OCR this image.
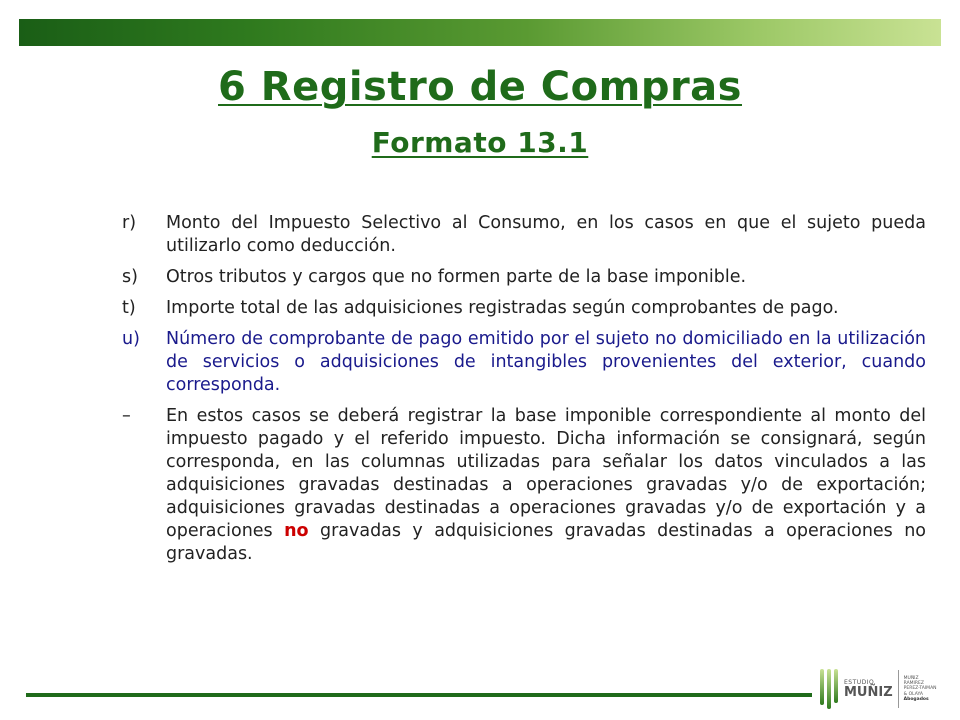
6 Registro de Compras
Formato 13.1
r)	Monto del Impuesto Selectivo al Consumo, en los casos en que el sujeto pueda utilizarlo como deducción.
s)	Otros tributos y cargos que no formen parte de la base imponible.
t)	Importe total de las adquisiciones registradas según comprobantes de pago.
u)	Número de comprobante de pago emitido por el sujeto no domiciliado en la utilización de servicios o adquisiciones de intangibles provenientes del exterior, cuando corresponda.
–	En estos casos se deberá registrar la base imponible correspondiente al monto del impuesto pagado y el referido impuesto. Dicha información se consignará, según corresponda, en las columnas utilizadas para señalar los datos vinculados a las adquisiciones gravadas destinadas a operaciones gravadas y/o de exportación; adquisiciones gravadas destinadas a operaciones gravadas y/o de exportación y a operaciones no gravadas y adquisiciones gravadas destinadas a operaciones no gravadas.
ESTUDIO
MUÑIZ
MUÑIZ
RAMIREZ
PEREZ-TAIMAN
& OLAYA
Abogados
